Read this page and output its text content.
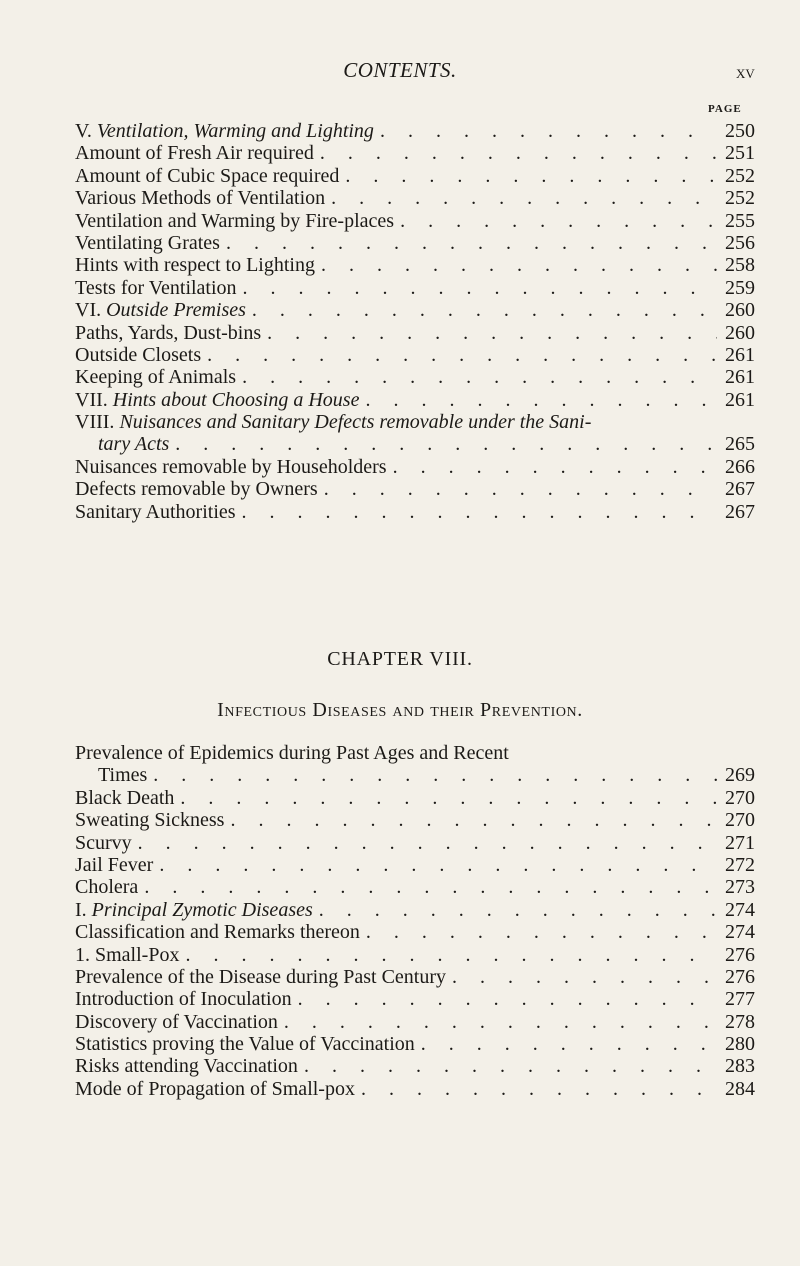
CONTENTS.	xv
PAGE
V. Ventilation, Warming and Lighting . . .	250
Amount of Fresh Air required . . .	251
Amount of Cubic Space required . . .	252
Various Methods of Ventilation . . .	252
Ventilation and Warming by Fire-places . . .	255
Ventilating Grates . . .	256
Hints with respect to Lighting . . .	258
Tests for Ventilation . . .	259
VI. Outside Premises . . .	260
Paths, Yards, Dust-bins . . .	260
Outside Closets . . .	261
Keeping of Animals . . .	261
VII. Hints about Choosing a House . . .	261
VIII. Nuisances and Sanitary Defects removable under the Sani-
tary Acts . . .	265
Nuisances removable by Householders . . .	266
Defects removable by Owners . . .	267
Sanitary Authorities . . .	267
CHAPTER VIII.
Infectious Diseases and their Prevention.
Prevalence of Epidemics during Past Ages and Recent
Times . . .	269
Black Death . . .	270
Sweating Sickness . . .	270
Scurvy . . .	271
Jail Fever . . .	272
Cholera . . .	273
I. Principal Zymotic Diseases . . .	274
Classification and Remarks thereon . . .	274
1. Small-Pox . . .	276
Prevalence of the Disease during Past Century . . .	276
Introduction of Inoculation . . .	277
Discovery of Vaccination . . .	278
Statistics proving the Value of Vaccination . . .	280
Risks attending Vaccination . . .	283
Mode of Propagation of Small-pox . . .	284
